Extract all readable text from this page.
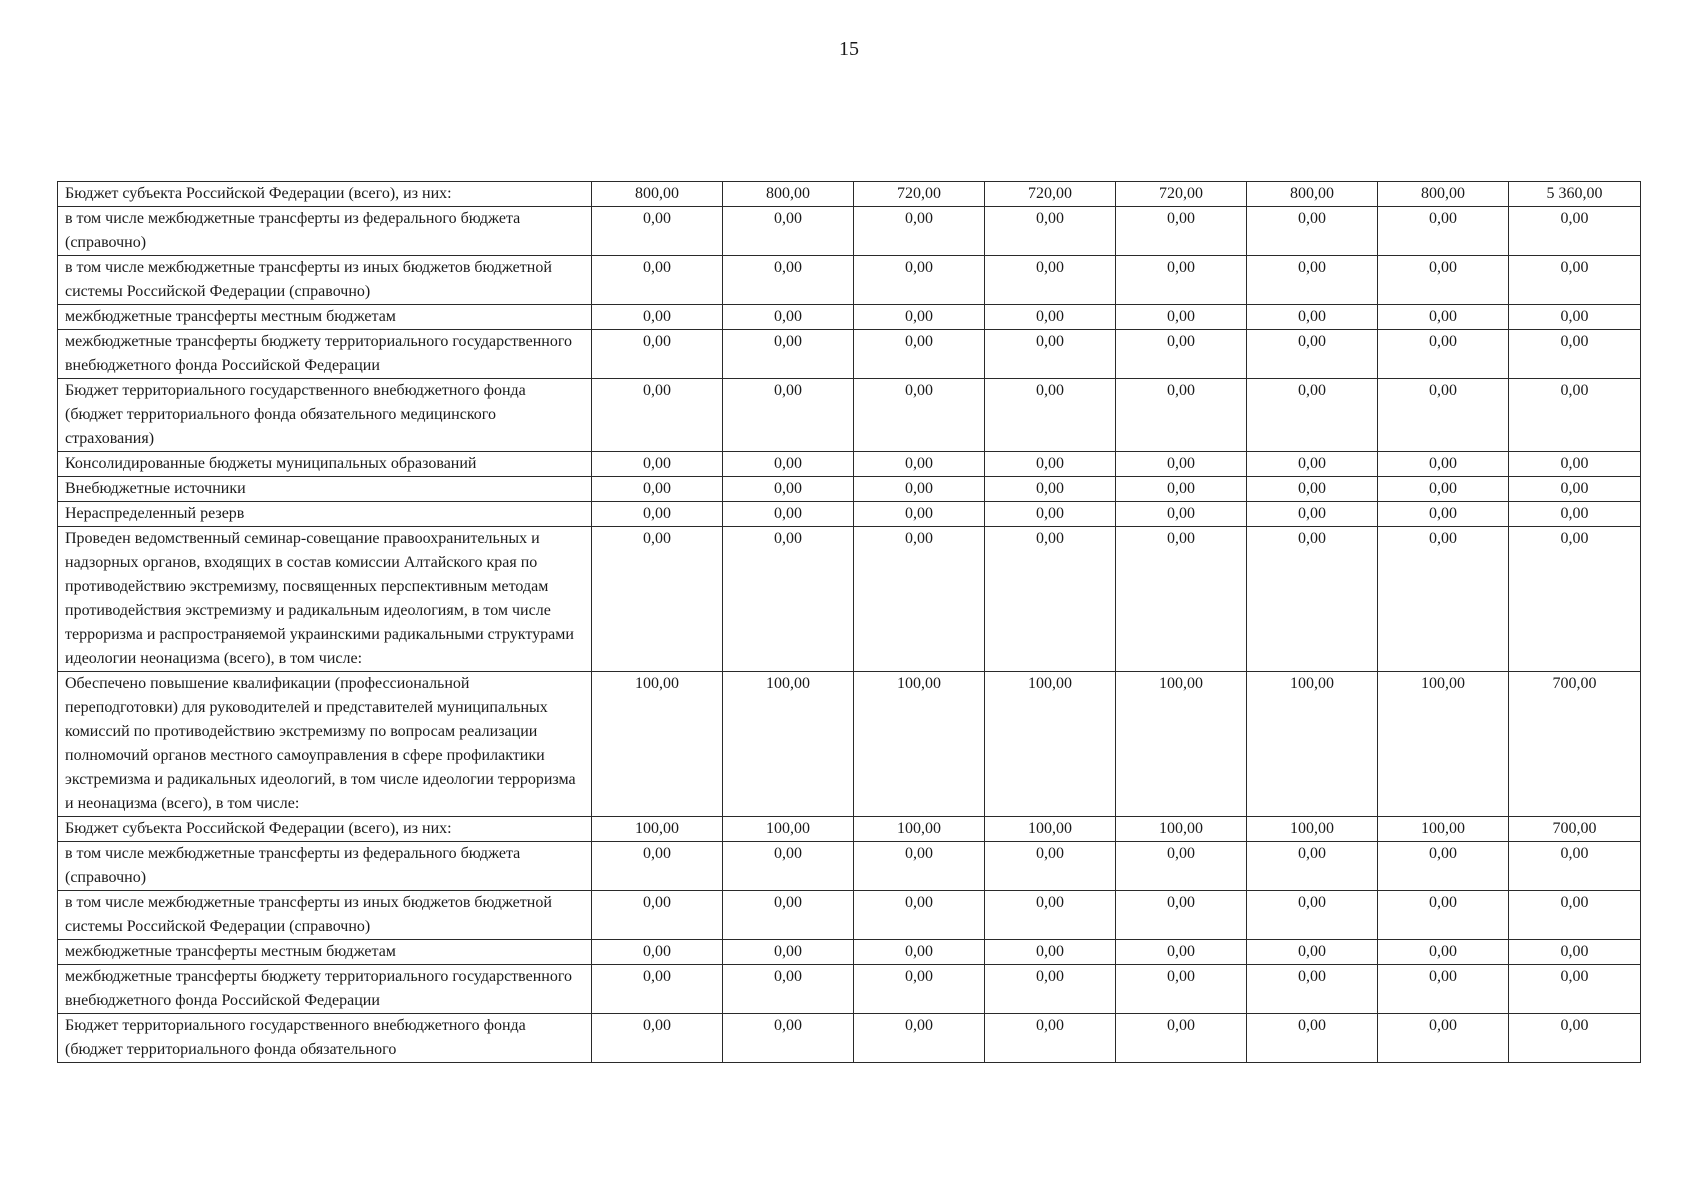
15
Бюджет субъекта Российской Федерации (всего), из них:	800,00	800,00	720,00	720,00	720,00	800,00	800,00	5 360,00
в том числе межбюджетные трансферты из федерального бюджета (справочно)	0,00	0,00	0,00	0,00	0,00	0,00	0,00	0,00
в том числе межбюджетные трансферты из иных бюджетов бюджетной системы Российской Федерации (справочно)	0,00	0,00	0,00	0,00	0,00	0,00	0,00	0,00
межбюджетные трансферты местным бюджетам	0,00	0,00	0,00	0,00	0,00	0,00	0,00	0,00
межбюджетные трансферты бюджету территориального государственного внебюджетного фонда Российской Федерации	0,00	0,00	0,00	0,00	0,00	0,00	0,00	0,00
Бюджет территориального государственного внебюджетного фонда (бюджет территориального фонда обязательного медицинского страхования)	0,00	0,00	0,00	0,00	0,00	0,00	0,00	0,00
Консолидированные бюджеты муниципальных образований	0,00	0,00	0,00	0,00	0,00	0,00	0,00	0,00
Внебюджетные источники	0,00	0,00	0,00	0,00	0,00	0,00	0,00	0,00
Нераспределенный резерв	0,00	0,00	0,00	0,00	0,00	0,00	0,00	0,00
Проведен ведомственный семинар-совещание правоохранительных и надзорных органов, входящих в состав комиссии Алтайского края по противодействию экстремизму, посвященных перспективным методам противодействия экстремизму и радикальным идеологиям, в том числе терроризма и распространяемой украинскими радикальными структурами идеологии неонацизма (всего), в том числе:	0,00	0,00	0,00	0,00	0,00	0,00	0,00	0,00
Обеспечено повышение квалификации (профессиональной переподготовки) для руководителей и представителей муниципальных комиссий по противодействию экстремизму по вопросам реализации полномочий органов местного самоуправления в сфере профилактики экстремизма и радикальных идеологий, в том числе идеологии терроризма и неонацизма (всего), в том числе:	100,00	100,00	100,00	100,00	100,00	100,00	100,00	700,00
Бюджет субъекта Российской Федерации (всего), из них:	100,00	100,00	100,00	100,00	100,00	100,00	100,00	700,00
в том числе межбюджетные трансферты из федерального бюджета (справочно)	0,00	0,00	0,00	0,00	0,00	0,00	0,00	0,00
в том числе межбюджетные трансферты из иных бюджетов бюджетной системы Российской Федерации (справочно)	0,00	0,00	0,00	0,00	0,00	0,00	0,00	0,00
межбюджетные трансферты местным бюджетам	0,00	0,00	0,00	0,00	0,00	0,00	0,00	0,00
межбюджетные трансферты бюджету территориального государственного внебюджетного фонда Российской Федерации	0,00	0,00	0,00	0,00	0,00	0,00	0,00	0,00
Бюджет территориального государственного внебюджетного фонда (бюджет территориального фонда обязательного	0,00	0,00	0,00	0,00	0,00	0,00	0,00	0,00
